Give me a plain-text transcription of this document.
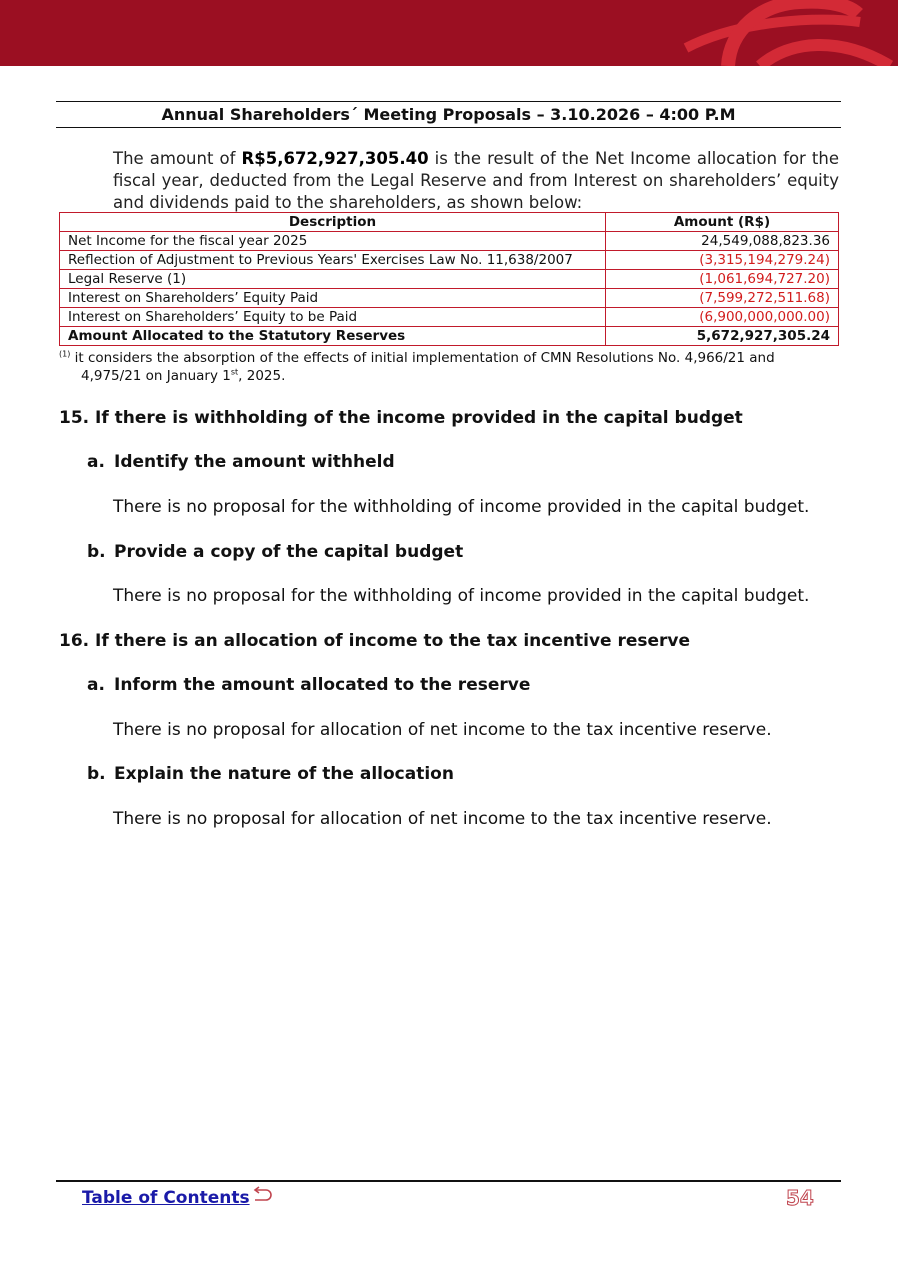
Annual Shareholders´ Meeting Proposals – 3.10.2026 – 4:00 P.M
The amount of R$5,672,927,305.40 is the result of the Net Income allocation for the fiscal year, deducted from the Legal Reserve and from Interest on shareholders’ equity and dividends paid to the shareholders, as shown below:
Description	Amount (R$)
Net Income for the fiscal year 2025	24,549,088,823.36
Reflection of Adjustment to Previous Years' Exercises Law No. 11,638/2007	(3,315,194,279.24)
Legal Reserve (1)	(1,061,694,727.20)
Interest on Shareholders’ Equity Paid	(7,599,272,511.68)
Interest on Shareholders’ Equity to be Paid	(6,900,000,000.00)
Amount Allocated to the Statutory Reserves	5,672,927,305.24
$^{(1)}$ it considers the absorption of the effects of initial implementation of CMN Resolutions No. 4,966/21 and
4,975/21 on January 1st, 2025.
15. If there is withholding of the income provided in the capital budget
a. Identify the amount withheld
There is no proposal for the withholding of income provided in the capital budget.
b. Provide a copy of the capital budget
There is no proposal for the withholding of income provided in the capital budget.
16. If there is an allocation of income to the tax incentive reserve
a. Inform the amount allocated to the reserve
There is no proposal for allocation of net income to the tax incentive reserve.
b. Explain the nature of the allocation
There is no proposal for allocation of net income to the tax incentive reserve.
Table of Contents	54
